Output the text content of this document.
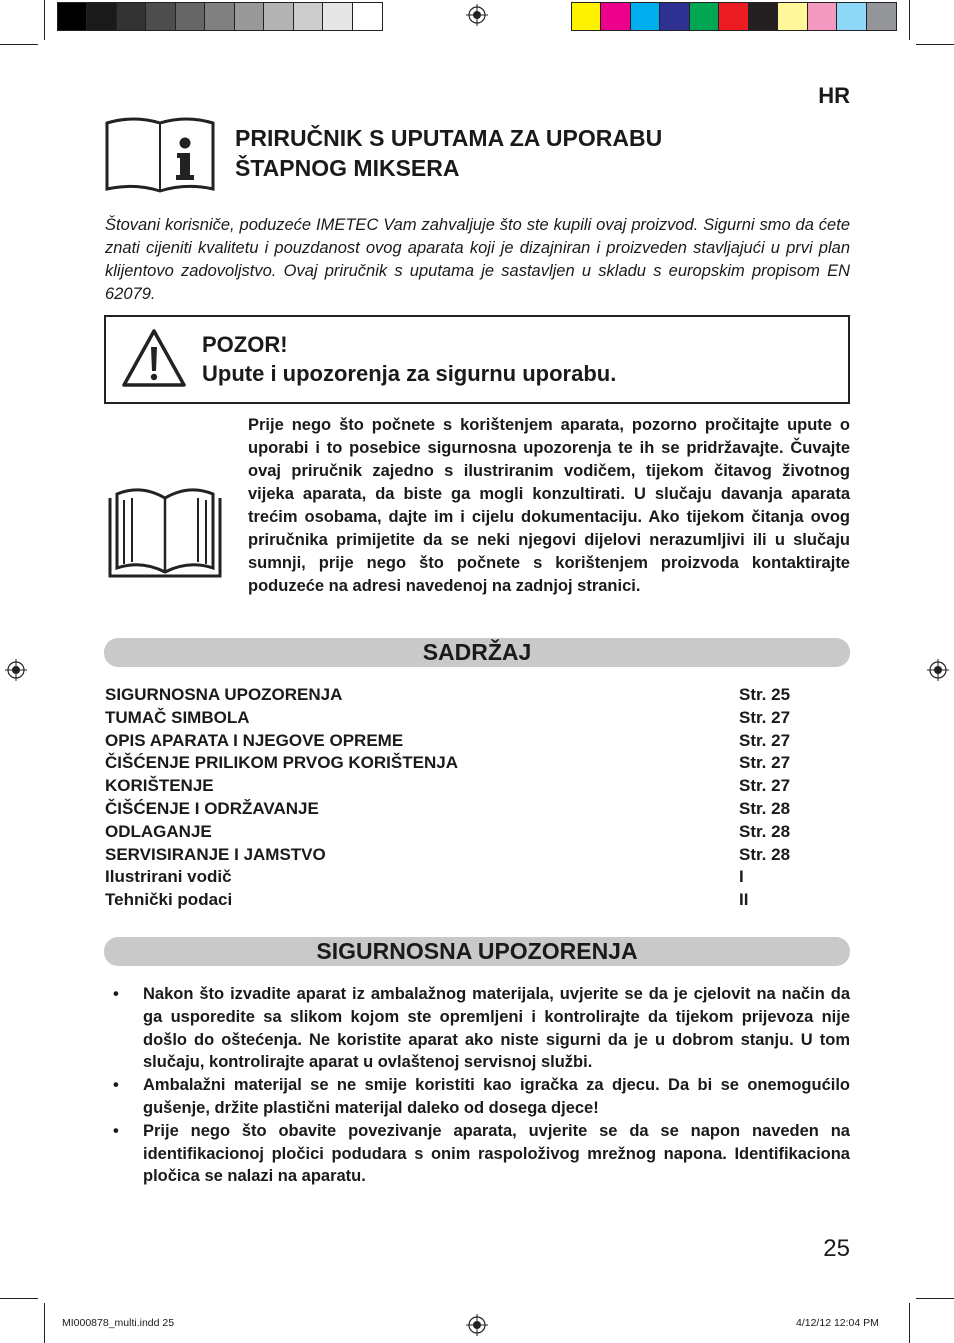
HR
PRIRUČNIK S UPUTAMA ZA UPORABU
ŠTAPNOG MIKSERA
Štovani korisniče, poduzeće IMETEC Vam zahvaljuje što ste kupili ovaj proizvod. Sigurni smo da ćete znati cijeniti kvalitetu i pouzdanost ovog aparata koji je dizajniran i proizveden stavljajući u prvi plan klijentovo zadovoljstvo. Ovaj priručnik s uputama je sastavljen u skladu s europskim propisom EN 62079.
POZOR!
Upute i upozorenja za sigurnu uporabu.
Prije nego što počnete s korištenjem aparata, pozorno pročitajte upute o uporabi i to posebice sigurnosna upozorenja te ih se pridržavajte. Čuvajte ovaj priručnik zajedno s ilustriranim vodičem, tijekom čitavog životnog vijeka aparata, da biste ga mogli konzultirati. U slučaju davanja aparata trećim osobama, dajte im i cijelu dokumentaciju. Ako tijekom čitanja ovog priručnika primijetite da se neki njegovi dijelovi nerazumljivi ili u slučaju sumnji, prije nego što počnete s korištenjem proizvoda kontaktirajte poduzeće na adresi navedenoj na zadnjoj stranici.
SADRŽAJ
SIGURNOSNA UPOZORENJA	Str. 25
TUMAČ SIMBOLA	Str. 27
OPIS APARATA I NJEGOVE OPREME	Str. 27
ČIŠĆENJE PRILIKOM PRVOG KORIŠTENJA	Str. 27
KORIŠTENJE	Str. 27
ČIŠĆENJE I ODRŽAVANJE	Str. 28
ODLAGANJE	Str. 28
SERVISIRANJE I JAMSTVO	Str. 28
Ilustrirani vodič	I
Tehnički podaci	II
SIGURNOSNA UPOZORENJA
•	Nakon što izvadite aparat iz ambalažnog materijala, uvjerite se da je cjelovit na način da ga usporedite sa slikom kojom ste opremljeni i kontrolirajte da tijekom prijevoza nije došlo do oštećenja. Ne koristite aparat ako niste sigurni da je u dobrom stanju. U tom slučaju, kontrolirajte aparat u ovlaštenoj servisnoj službi.
•	Ambalažni materijal se ne smije koristiti kao igračka za djecu. Da bi se onemogućilo gušenje, držite plastični materijal daleko od dosega djece!
•	Prije nego što obavite povezivanje aparata, uvjerite se da se napon naveden na identifikacionoj pločici podudara s onim raspoloživog mrežnog napona. Identifikaciona pločica se nalazi na aparatu.
25
MI000878_multi.indd 25	4/12/12 12:04 PM
